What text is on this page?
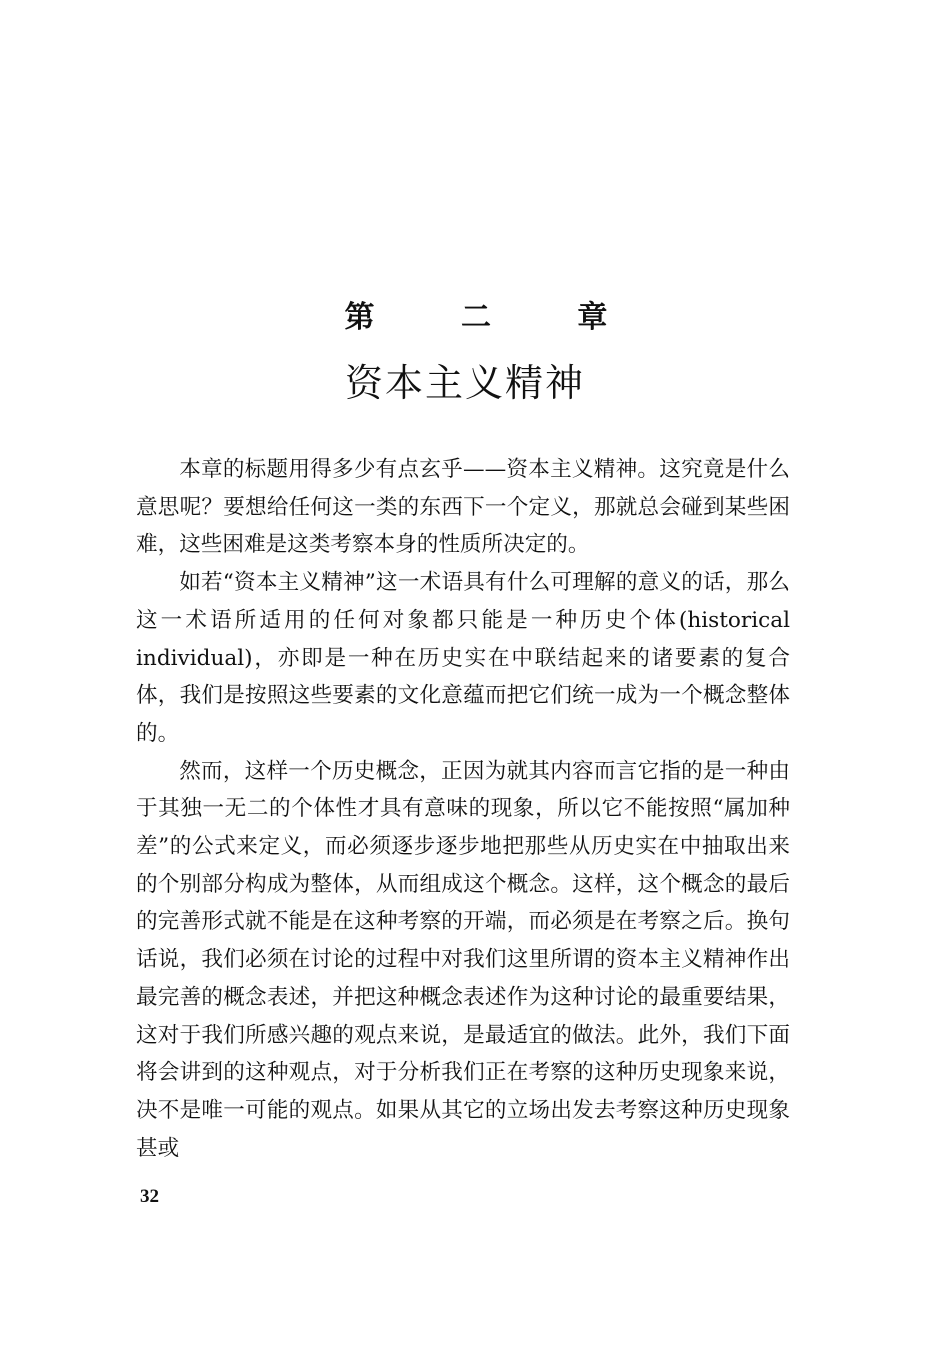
第 二 章
资本主义精神

本章的标题用得多少有点玄乎——资本主义精神。这究竟是什么意思呢？要想给任何这一类的东西下一个定义，那就总会碰到某些困难，这些困难是这类考察本身的性质所决定的。

如若“资本主义精神”这一术语具有什么可理解的意义的话，那么这一术语所适用的任何对象都只能是一种历史个体(historical individual)，亦即是一种在历史实在中联结起来的诸要素的复合体，我们是按照这些要素的文化意蕴而把它们统一成为一个概念整体的。

然而，这样一个历史概念，正因为就其内容而言它指的是一种由于其独一无二的个体性才具有意味的现象，所以它不能按照“属加种差”的公式来定义，而必须逐步逐步地把那些从历史实在中抽取出来的个别部分构成为整体，从而组成这个概念。这样，这个概念的最后的完善形式就不能是在这种考察的开端，而必须是在考察之后。换句话说，我们必须在讨论的过程中对我们这里所谓的资本主义精神作出最完善的概念表述，并把这种概念表述作为这种讨论的最重要结果，这对于我们所感兴趣的观点来说，是最适宜的做法。此外，我们下面将会讲到的这种观点，对于分析我们正在考察的这种历史现象来说，决不是唯一可能的观点。如果从其它的立场出发去考察这种历史现象甚或

32
